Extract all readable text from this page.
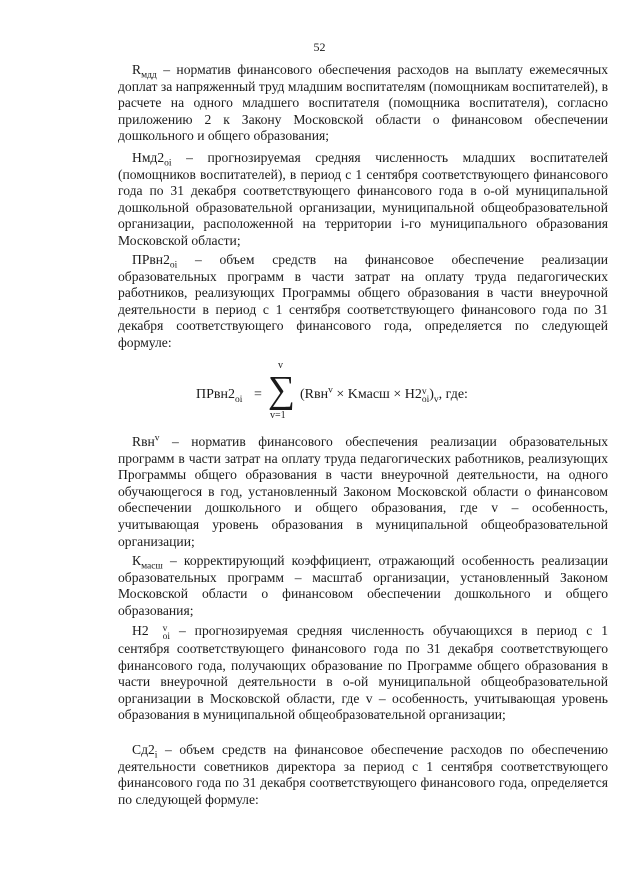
52

$R_{мдд}$ – норматив финансового обеспечения расходов на выплату ежемесячных доплат за напряженный труд младшим воспитателям (помощникам воспитателей), в расчете на одного младшего воспитателя (помощника воспитателя), согласно приложению 2 к Закону Московской области о финансовом обеспечении дошкольного и общего образования;

$Нмд2_{oi}$ – прогнозируемая средняя численность младших воспитателей (помощников воспитателей), в период с 1 сентября соответствующего финансового года по 31 декабря соответствующего финансового года в о-ой муниципальной дошкольной образовательной организации, муниципальной общеобразовательной организации, расположенной на территории i-го муниципального образования Московской области;

$ПРвн2_{oi}$ – объем средств на финансовое обеспечение реализации образовательных программ в части затрат на оплату труда педагогических работников, реализующих Программы общего образования в части внеурочной деятельности в период с 1 сентября соответствующего финансового года по 31 декабря соответствующего финансового года, определяется по следующей формуле:

$ПРвн2_{oi}$ =
v
∑
v=1
(Rвн$^v$ × Kмасш × H2 v
oi )$_v$, где:

Rвн$^v$ – норматив финансового обеспечения реализации образовательных программ в части затрат на оплату труда педагогических работников, реализующих Программы общего образования в части внеурочной деятельности, на одного обучающегося в год, установленный Законом Московской области о финансовом обеспечении дошкольного и общего образования, где v – особенность, учитывающая уровень образования в муниципальной общеобразовательной организации;

$К_{масш}$ – корректирующий коэффициент, отражающий особенность реализации образовательных программ – масштаб организации, установленный Законом Московской области о финансовом обеспечении дошкольного и общего образования;

Н2	v
oi – прогнозируемая средняя численность обучающихся в период с 1 сентября соответствующего финансового года по 31 декабря соответствующего финансового года, получающих образование по Программе общего образования в части внеурочной деятельности в о-ой муниципальной общеобразовательной организации в Московской области, где v – особенность, учитывающая уровень образования в муниципальной общеобразовательной организации;

$Сд2_i$ – объем средств на финансовое обеспечение расходов по обеспечению деятельности советников директора за период с 1 сентября соответствующего финансового года по 31 декабря соответствующего финансового года, определяется по следующей формуле:
